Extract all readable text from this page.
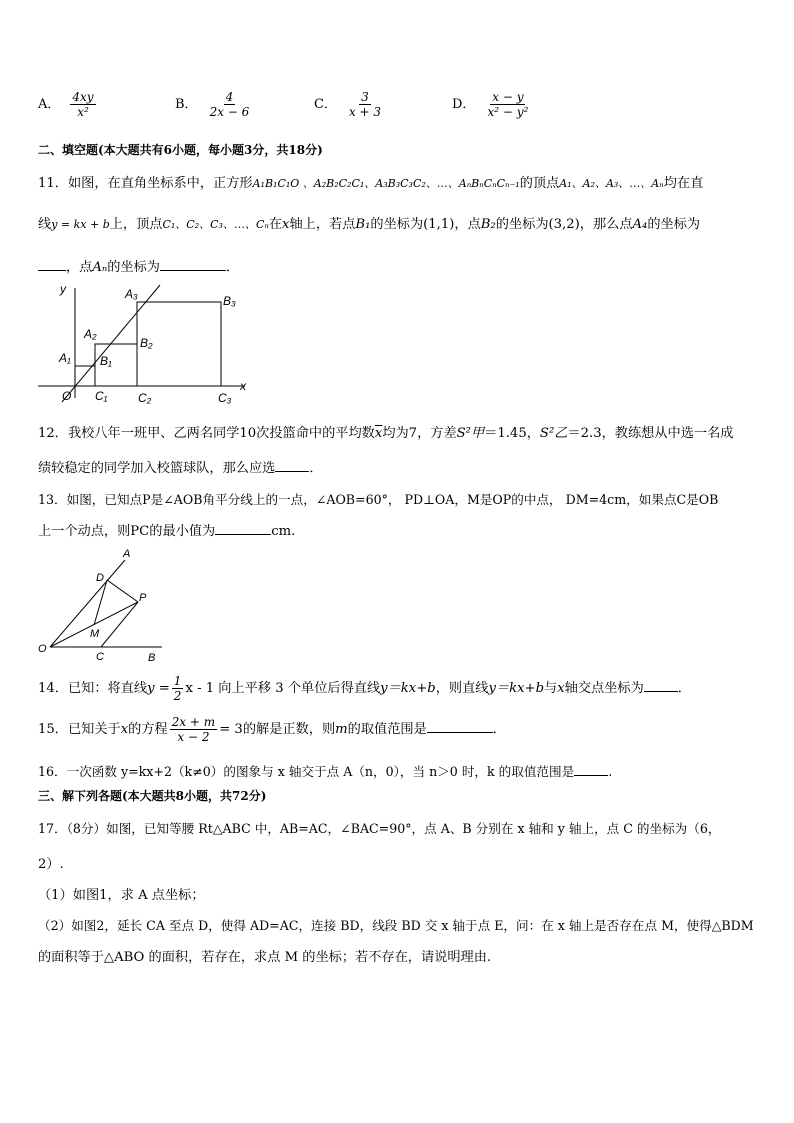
A． $\frac{4xy}{\text{x²}}$	B． $\frac{4}{2x - 6}$	C． $\frac{3}{x + 3}$	D． $\frac{x - y}{\text{x² − y²}}$
二、填空题(本大题共有6小题，每小题3分，共18分)
11．如图，在直角坐标系中，正方形A₁B₁C₁O 、A₂B₂C₂C₁、A₃B₃C₃C₂、…、AₙBₙCₙCₙ₋₁的顶点A₁、A₂、A₃、…、Aₙ均在直
线y = kx + b上，顶点C₁、C₂、C₃、…、Cₙ在x轴上，若点B₁的坐标为(1,1)，点B₂的坐标为(3,2)，那么点A₄的坐标为
，点Aₙ的坐标为	．
y
x
O
A₁
A₂
A₃
B₁
B₂
B₃
C₁	C₂	C₃
12．我校八年一班甲、乙两名同学10次投篮命中的平均数$\overline{x}$均为7，方差S²甲＝1.45，S²乙＝2.3，教练想从中选一名成
绩较稳定的同学加入校篮球队，那么应选	．
13．如图，已知点P是∠AOB角平分线上的一点，∠AOB=60°， PD⊥OA，M是OP的中点， DM=4cm，如果点C是OB
上一个动点，则PC的最小值为	cm.
A
B
O
D
P
M
C
14．已知：将直线$y = \frac{1}{2}$ x - 1 向上平移 3 个单位后得直线y＝kx+b，则直线y＝kx+b与x轴交点坐标为	．
15．已知关于x的方程 $\frac{2x + m}{x - 2} = 3$的解是正数，则m的取值范围是	．
16．一次函数 y=kx+2（k≠0）的图象与 x 轴交于点 A（n，0），当 n＞0 时，k 的取值范围是	.
三、解下列各题(本大题共8小题，共72分)
17．（8分）如图，已知等腰 Rt△ABC 中，AB=AC，∠BAC=90°，点 A、B 分别在 x 轴和 y 轴上，点 C 的坐标为（6，
2）.
（1）如图1，求 A 点坐标；
（2）如图2，延长 CA 至点 D，使得 AD=AC，连接 BD，线段 BD 交 x 轴于点 E，问：在 x 轴上是否存在点 M，使得△BDM
的面积等于△ABO 的面积，若存在，求点 M 的坐标；若不存在，请说明理由.
